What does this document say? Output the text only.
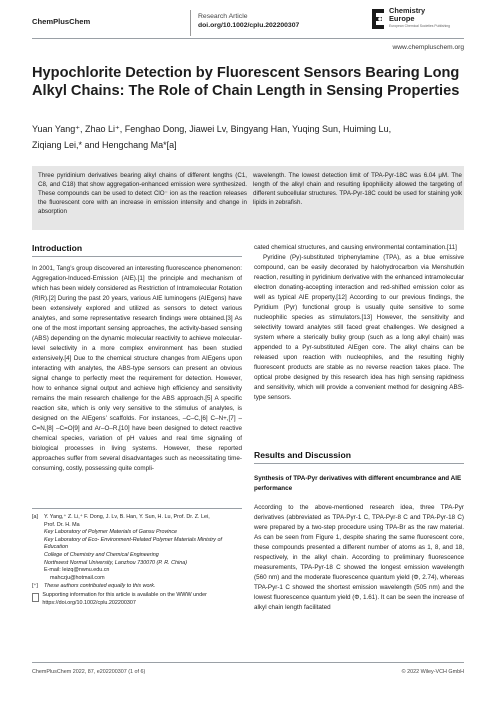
ChemPlusChem
Research Article
doi.org/10.1002/cplu.202200307
Chemistry
Europe
European Chemical Societies Publishing
www.chempluschem.org
Hypochlorite Detection by Fluorescent Sensors Bearing Long Alkyl Chains: The Role of Chain Length in Sensing Properties
Yuan Yang⁺, Zhao Li⁺, Fenghao Dong, Jiawei Lv, Bingyang Han, Yuqing Sun, Huiming Lu,
Ziqiang Lei,* and Hengchang Ma*[a]
Three pyridinium derivatives bearing alkyl chains of different lengths (C1, C8, and C18) that show aggregation-enhanced emission were synthesized. These compounds can be used to detect ClO⁻ ion as the reaction releases the fluorescent core with an increase in emission intensity and change in absorption
wavelength. The lowest detection limit of TPA-Pyr-18C was 6.04 μM. The length of the alkyl chain and resulting lipophilicity allowed the targeting of different subcellular structures. TPA-Pyr-18C could be used for staining yolk lipids in zebrafish.
Introduction
In 2001, Tang’s group discovered an interesting fluorescence phenomenon: Aggregation-Induced-Emission (AIE).[1] the principle and mechanism of which has been widely considered as Restriction of Intramolecular Rotation (RIR).[2] During the past 20 years, various AIE luminogens (AIEgens) have been extensively explored and utilized as sensors to detect various analytes, and some representative research findings were obtained.[3] As one of the most important sensing approaches, the activity-based sensing (ABS) depending on the dynamic molecular reactivity to achieve molecular-level selectivity in a more complex environment has been studied extensively.[4] Due to the chemical structure changes from AIEgens upon interacting with analytes, the ABS-type sensors can present an obvious signal change to perfectly meet the requirement for detection. However, how to enhance signal output and achieve high efficiency and sensitivity remains the main research challenge for the ABS approach.[5] A specific reaction site, which is only very sensitive to the stimulus of analytes, is designed on the AIEgens’ scaffolds. For instances, –C–C,[6] C–N+,[7] –C=N,[8] –C=O[9] and Ar–O–R,[10] have been designed to detect reactive chemical species, variation of pH values and real time signaling of biological processes in living systems. However, these reported approaches suffer from several disadvantages such as necessitating time-consuming, costly, possessing quite compli-
[a]	Y. Yang,⁺ Z. Li,⁺ F. Dong, J. Lv, B. Han, Y. Sun, H. Lu, Prof. Dr. Z. Lei,
Prof. Dr. H. Ma
Key Laboratory of Polymer Materials of Gansu Province
Key Laboratory of Eco- Environment-Related Polymer Materials Ministry of
Education
College of Chemistry and Chemical Engineering
Northwest Normal University, Lanzhou 730070 (P. R. China)
E-mail: leizq@nwnu.edu.cn
mahczju@hotmail.com
[⁺]	These authors contributed equally to this work.
Supporting information for this article is available on the WWW under https://doi.org/10.1002/cplu.202200307

cated chemical structures, and causing environmental contamination.[11]

Pyridine (Py)-substituted triphenylamine (TPA), as a blue emissive compound, can be easily decorated by halohydrocarbon via Menshutkin reaction, resulting in pyridinium derivative with the enhanced intramolecular electron donating-accepting interaction and red-shifted emission color as well as typical AIE property.[12] According to our previous findings, the Pyridium (Pyr) functional group is usually quite sensitive to some nucleophilic species as stimulators.[13] However, the sensitivity and selectivity toward analytes still faced great challenges. We designed a system where a sterically bulky group (such as a long alkyl chain) was appended to a Pyr-substituted AIEgen core. The alkyl chains can be released upon reaction with nucleophiles, and the resulting highly fluorescent products are stable as no reverse reaction takes place. The optical probe designed by this research idea has high sensing rapidness and sensitivity, which will provide a convenient method for designing ABS-type sensors.

Results and Discussion
Synthesis of TPA-Pyr derivatives with different encumbrance and AIE performance
According to the above-mentioned research idea, three TPA-Pyr derivatives (abbreviated as TPA-Pyr-1 C, TPA-Pyr-8 C and TPA-Pyr-18 C) were prepared by a two-step procedure using TPA-Br as the raw material. As can be seen from Figure 1, despite sharing the same fluorescent core, these compounds presented a different number of atoms as 1, 8, and 18, respectively, in the alkyl chain. According to preliminary fluorescence measurements, TPA-Pyr-18 C showed the longest emission wavelength (560 nm) and the moderate fluorescence quantum yield (Φ, 2.74), whereas TPA-Pyr-1 C showed the shortest emission wavelength (505 nm) and the lowest fluorescence quantum yield (Φ, 1.61). It can be seen the increase of alkyl chain length facilitated
ChemPlusChem 2022, 87, e202200307 (1 of 6)	© 2022 Wiley-VCH GmbH
